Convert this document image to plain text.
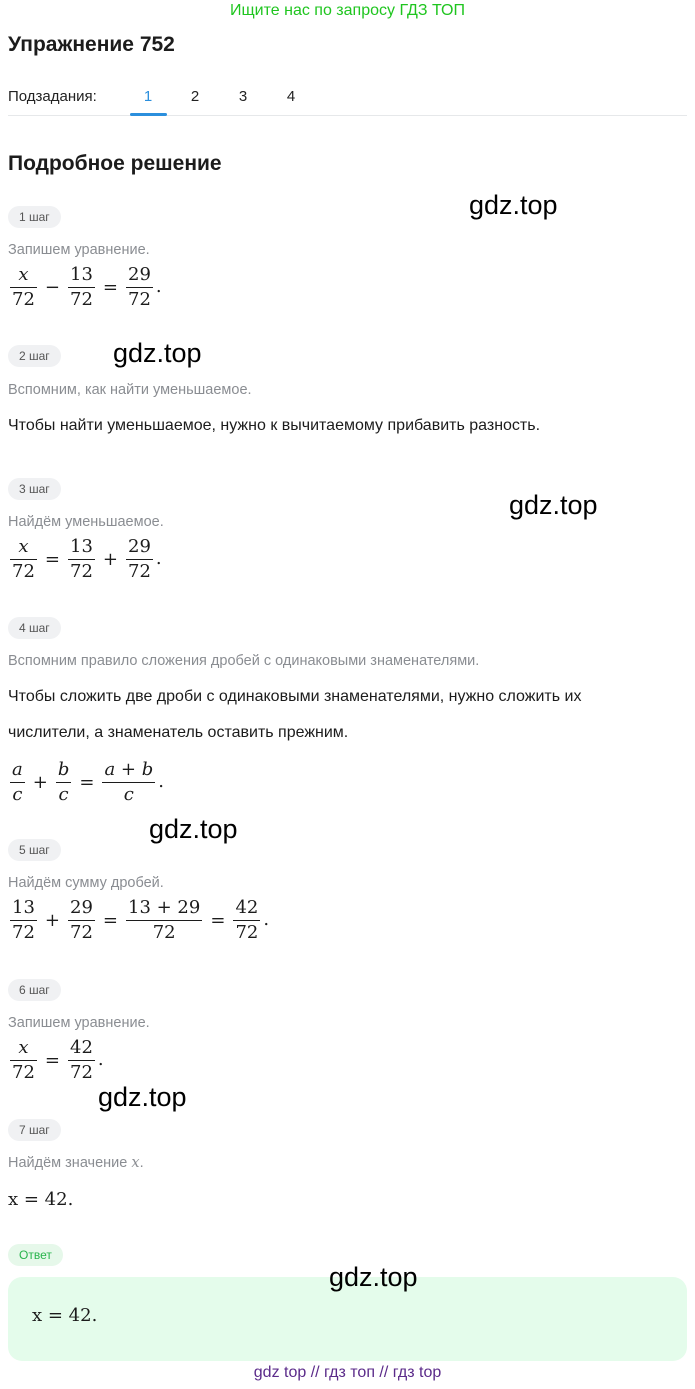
Ищите нас по запросу ГДЗ ТОП
Упражнение 752
Подзадания:	1	2	3	4
Подробное решение
1 шаг
Запишем уравнение.
$\frac{x}{72} - \frac{13}{72} = \frac{29}{72}$ .
2 шаг
Вспомним, как найти уменьшаемое.
Чтобы найти уменьшаемое, нужно к вычитаемому прибавить разность.
3 шаг
Найдём уменьшаемое.
$\frac{x}{72} = \frac{13}{72} + \frac{29}{72}$ .
4 шаг
Вспомним правило сложения дробей с одинаковыми знаменателями.
Чтобы сложить две дроби с одинаковыми знаменателями, нужно сложить их
числители, а знаменатель оставить прежним.
$\frac{a}{c} + \frac{b}{c} = \frac{a + b}{c}$ .
5 шаг
Найдём сумму дробей.
$\frac{13}{72} + \frac{29}{72} = \frac{13 + 29}{72} = \frac{42}{72}$ .
6 шаг
Запишем уравнение.
$\frac{x}{72} = \frac{42}{72}$ .
7 шаг
Найдём значение x.
x = 42.
Ответ
x = 42.
gdz.top
gdz.top
gdz.top
gdz.top
gdz.top
gdz.top
gdz top // гдз топ // гдз top
